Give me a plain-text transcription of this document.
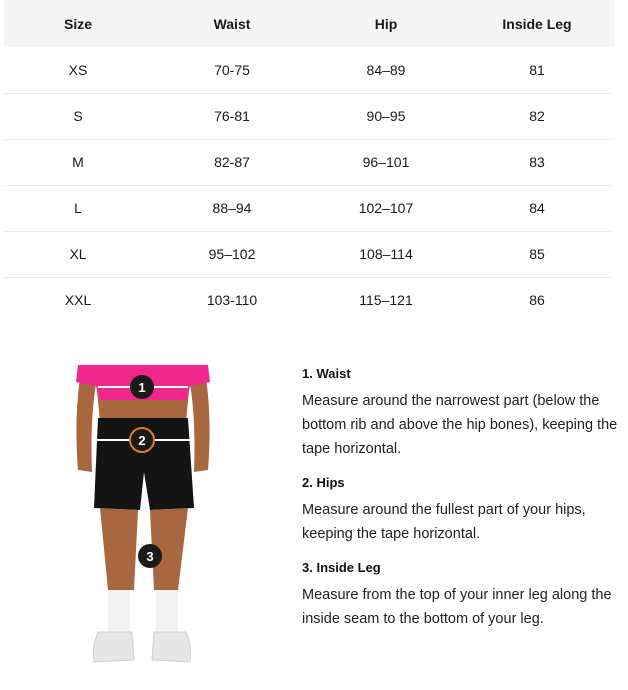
Size	Waist	Hip	Inside Leg
XS	70-75	84–89	81
S	76-81	90–95	82
M	82-87	96–101	83
L	88–94	102–107	84
XL	95–102	108–114	85
XXL	103-110	115–121	86
1
2
3
1. Waist

Measure around the narrowest part (below the bottom rib and above the hip bones), keeping the tape horizontal.

2. Hips

Measure around the fullest part of your hips, keeping the tape horizontal.

3. Inside Leg

Measure from the top of your inner leg along the inside seam to the bottom of your leg.
